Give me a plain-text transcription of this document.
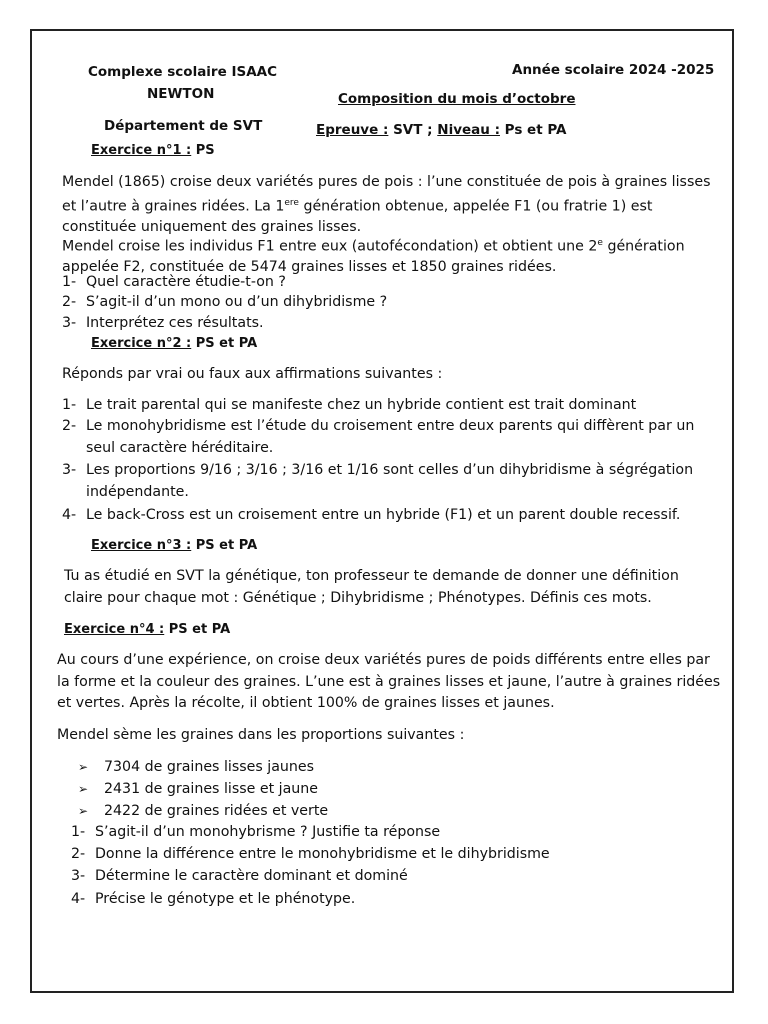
Complexe scolaire ISAAC
NEWTON
Département de SVT
Année scolaire 2024 -2025
Composition du mois d’octobre
Epreuve : SVT ; Niveau : Ps et PA
Exercice n°1 : PS
Mendel (1865) croise deux variétés pures de pois : l’une constituée de pois à graines lisses et l’autre à graines ridées. La 1ere génération obtenue, appelée F1 (ou fratrie 1) est constituée uniquement des graines lisses.
Mendel croise les individus F1 entre eux (autofécondation) et obtient une 2e génération appelée F2, constituée de 5474 graines lisses et 1850 graines ridées.
1- Quel caractère étudie-t-on ?
2- S’agit-il d’un mono ou d’un dihybridisme ?
3- Interprétez ces résultats.
Exercice n°2 : PS et PA
Réponds par vrai ou faux aux affirmations suivantes :
1- Le trait parental qui se manifeste chez un hybride contient est trait dominant
2- Le monohybridisme est l’étude du croisement entre deux parents qui diffèrent par un
seul caractère héréditaire.
3- Les proportions 9/16 ; 3/16 ; 3/16 et 1/16 sont celles d’un dihybridisme à ségrégation
indépendante.
4- Le back-Cross est un croisement entre un hybride (F1) et un parent double recessif.
Exercice n°3 : PS et PA
Tu as étudié en SVT la génétique, ton professeur te demande de donner une définition
claire pour chaque mot : Génétique ; Dihybridisme ; Phénotypes. Définis ces mots.
Exercice n°4 : PS et PA
Au cours d’une expérience, on croise deux variétés pures de poids différents entre elles par
la forme et la couleur des graines. L’une est à graines lisses et jaune, l’autre à graines ridées
et vertes. Après la récolte, il obtient 100% de graines lisses et jaunes.
Mendel sème les graines dans les proportions suivantes :
➢ 7304 de graines lisses jaunes
➢ 2431 de graines lisse et jaune
➢ 2422 de graines ridées et verte
1- S’agit-il d’un monohybrisme ? Justifie ta réponse
2- Donne la différence entre le monohybridisme et le dihybridisme
3- Détermine le caractère dominant et dominé
4- Précise le génotype et le phénotype.
